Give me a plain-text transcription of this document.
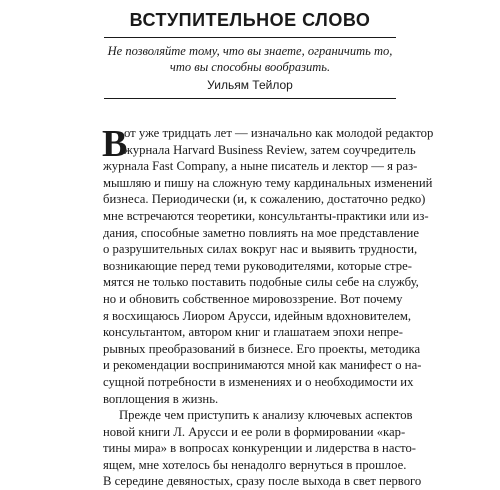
ВСТУПИТЕЛЬНОЕ СЛОВО
Не позволяйте тому, что вы знаете, ограничить то,
что вы способны вообразить.
Уильям Тейлор
В
от уже тридцать лет — изначально как молодой редактор
журнала Harvard Business Review, затем соучредитель
журнала Fast Company, а ныне писатель и лектор — я раз-
мышляю и пишу на сложную тему кардинальных изменений
бизнеса. Периодически (и, к сожалению, достаточно редко)
мне встречаются теоретики, консультанты-практики или из-
дания, способные заметно повлиять на мое представление
о разрушительных силах вокруг нас и выявить трудности,
возникающие перед теми руководителями, которые стре-
мятся не только поставить подобные силы себе на службу,
но и обновить собственное мировоззрение. Вот почему
я восхищаюсь Лиором Арусси, идейным вдохновителем,
консультантом, автором книг и глашатаем эпохи непре-
рывных преобразований в бизнесе. Его проекты, методика
и рекомендации воспринимаются мной как манифест о на-
сущной потребности в изменениях и о необходимости их
воплощения в жизнь.
Прежде чем приступить к анализу ключевых аспектов
новой книги Л. Арусси и ее роли в формировании «кар-
тины мира» в вопросах конкуренции и лидерства в насто-
ящем, мне хотелось бы ненадолго вернуться в прошлое.
В середине девяностых, сразу после выхода в свет первого
